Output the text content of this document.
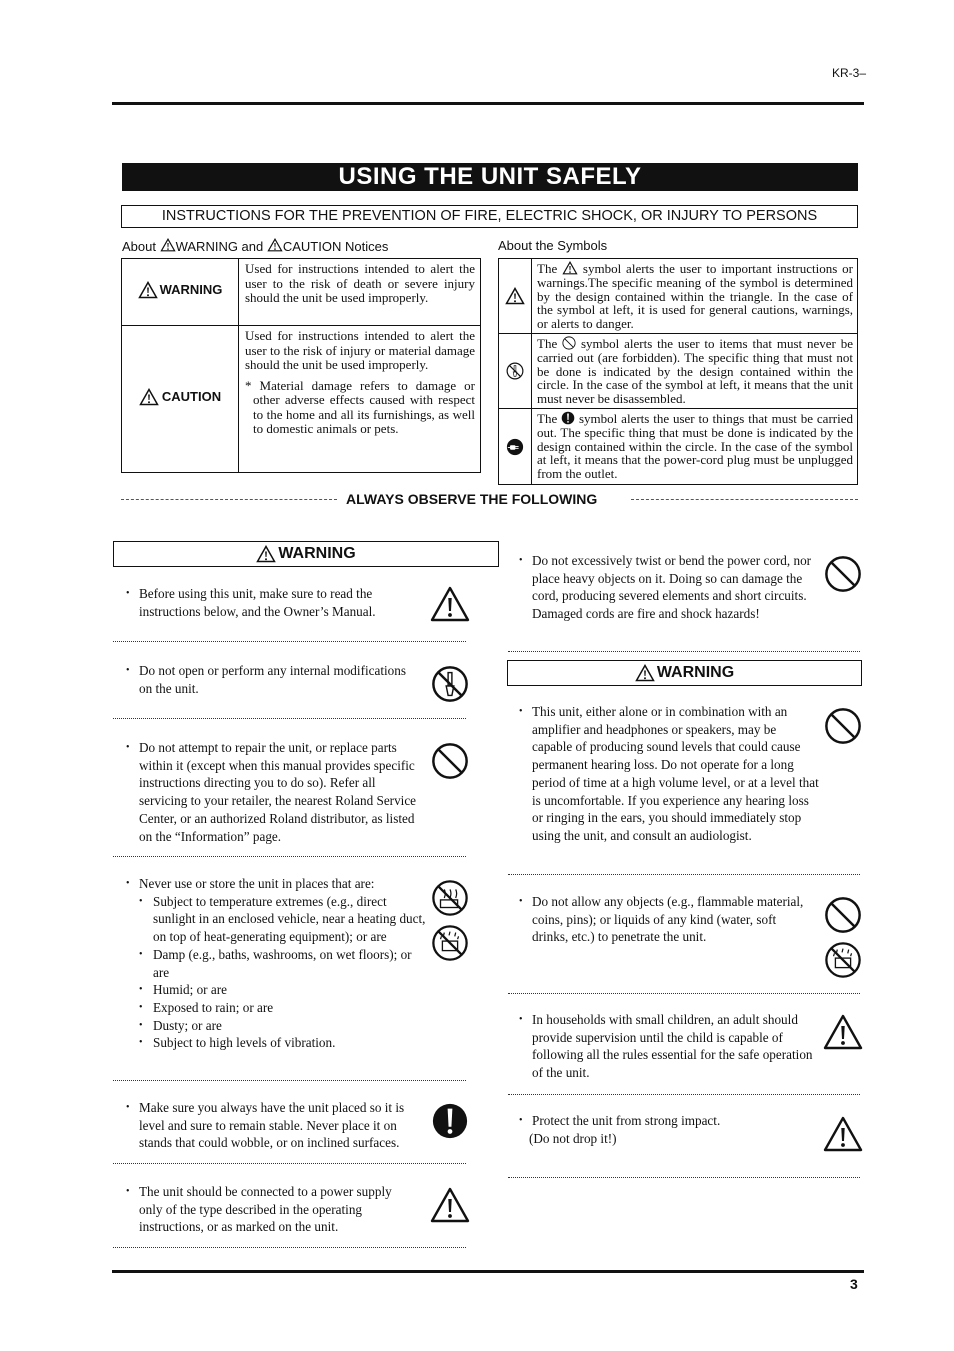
KR-3–
USING THE UNIT SAFELY
INSTRUCTIONS FOR THE PREVENTION OF FIRE, ELECTRIC SHOCK, OR INJURY TO PERSONS
About WARNING and CAUTION Notices
WARNING	Used for instructions intended to alert the user to the risk of death or severe injury should the unit be used improperly.

CAUTION	Used for instructions intended to alert the user to the risk of injury or material damage should the unit be used improperly.
* Material damage refers to damage or other adverse effects caused with respect to the home and all its furnishings, as well to domestic animals or pets.
About the Symbols
	The  symbol alerts the user to important instructions or warnings.The specific meaning of the symbol is determined by the design contained within the triangle. In the case of the symbol at left, it is used for general cautions, warnings, or alerts to danger.

	The  symbol alerts the user to items that must never be carried out (are forbidden). The specific thing that must not be done is indicated by the design contained within the circle. In the case of the symbol at left, it means that the unit must never be disassembled.

	The  symbol alerts the user to things that must be carried out. The specific thing that must be done is indicated by the design contained within the circle. In the case of the symbol at left, it means that the power-cord plug must be unplugged from the outlet.
ALWAYS OBSERVE THE FOLLOWING
WARNING
• Before using this unit, make sure to read the instructions below, and the Owner’s Manual.
• Do not open or perform any internal modifications on the unit.
• Do not attempt to repair the unit, or replace parts within it (except when this manual provides specific instructions directing you to do so). Refer all servicing to your retailer, the nearest Roland Service Center, or an authorized Roland distributor, as listed on the “Information” page.
• Never use or store the unit in places that are:
• Subject to temperature extremes (e.g., direct sunlight in an enclosed vehicle, near a heating duct, on top of heat-generating equipment); or are
• Damp (e.g., baths, washrooms, on wet floors); or are
• Humid; or are
• Exposed to rain; or are
• Dusty; or are
• Subject to high levels of vibration.
• Make sure you always have the unit placed so it is level and sure to remain stable. Never place it on stands that could wobble, or on inclined surfaces.
• The unit should be connected to a power supply only of the type described in the operating instructions, or as marked on the unit.
• Do not excessively twist or bend the power cord, nor place heavy objects on it. Doing so can damage the cord, producing severed elements and short circuits. Damaged cords are fire and shock hazards!
WARNING
• This unit, either alone or in combination with an amplifier and headphones or speakers, may be capable of producing sound levels that could cause permanent hearing loss. Do not operate for a long period of time at a high volume level, or at a level that is uncomfortable. If you experience any hearing loss or ringing in the ears, you should immediately stop using the unit, and consult an audiologist.
• Do not allow any objects (e.g., flammable material, coins, pins); or liquids of any kind (water, soft drinks, etc.) to penetrate the unit.
• In households with small children, an adult should provide supervision until the child is capable of following all the rules essential for the safe operation of the unit.
• Protect the unit from strong impact.
(Do not drop it!)
3
